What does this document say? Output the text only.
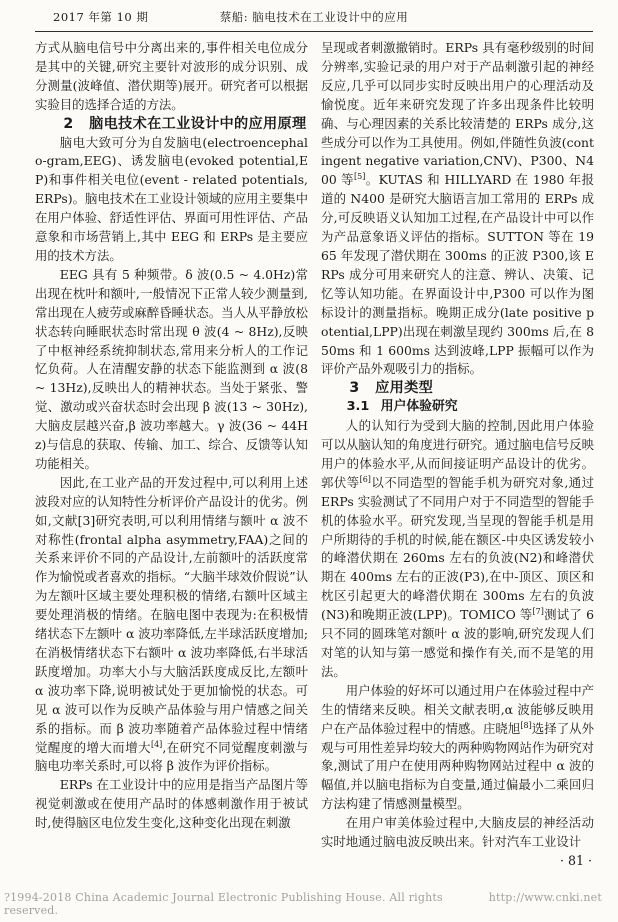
2017 年第 10 期	蔡船: 脑电技术在工业设计中的应用

方式从脑电信号中分离出来的,事件相关电位成分是其中的关键,研究主要针对波形的成分识别、成分测量(波峰值、潜伏期等)展开。研究者可以根据实验目的选择合适的方法。

2 脑电技术在工业设计中的应用原理

脑电大致可分为自发脑电(electroencephalo-gram,EEG)、诱发脑电(evoked potential,EP)和事件相关电位(event - related potentials,ERPs)。脑电技术在工业设计领域的应用主要集中在用户体验、舒适性评估、界面可用性评估、产品意象和市场营销上,其中 EEG 和 ERPs 是主要应用的技术方法。

EEG 具有 5 种频带。δ 波(0.5 ~ 4.0Hz)常出现在枕叶和额叶,一般情况下正常人较少测量到,常出现在人疲劳或麻醉昏睡状态。当人从平静放松状态转向睡眠状态时常出现 θ 波(4 ~ 8Hz),反映了中枢神经系统抑制状态,常用来分析人的工作记忆负荷。人在清醒安静的状态下能监测到 α 波(8 ~ 13Hz),反映出人的精神状态。当处于紧张、警觉、激动或兴奋状态时会出现 β 波(13 ~ 30Hz),大脑皮层越兴奋,β 波功率越大。γ 波(36 ~ 44Hz)与信息的获取、传输、加工、综合、反馈等认知功能相关。

因此,在工业产品的开发过程中,可以利用上述波段对应的认知特性分析评价产品设计的优劣。例如,文献[3]研究表明,可以利用情绪与额叶 α 波不对称性(frontal alpha asymmetry,FAA)之间的关系来评价不同的产品设计,左前额叶的活跃度常作为愉悦或者喜欢的指标。“大脑半球效价假说”认为左额叶区域主要处理积极的情绪,右额叶区域主要处理消极的情绪。在脑电图中表现为:在积极情绪状态下左额叶 α 波功率降低,左半球活跃度增加;在消极情绪状态下右额叶 α 波功率降低,右半球活跃度增加。功率大小与大脑活跃度成反比,左额叶 α 波功率下降,说明被试处于更加愉悦的状态。可见 α 波可以作为反映产品体验与用户情感之间关系的指标。而 β 波功率随着产品体验过程中情绪觉醒度的增大而增大[4],在研究不同觉醒度刺激与脑电功率关系时,可以将 β 波作为评价指标。

ERPs 在工业设计中的应用是指当产品图片等视觉刺激或在使用产品时的体感刺激作用于被试时,使得脑区电位发生变化,这种变化出现在刺激

呈现或者刺激撤销时。ERPs 具有毫秒级别的时间分辨率,实验记录的用户对于产品刺激引起的神经反应,几乎可以同步实时反映出用户的心理活动及愉悦度。近年来研究发现了许多出现条件比较明确、与心理因素的关系比较清楚的 ERPs 成分,这些成分可以作为工具使用。例如,伴随性负波(contingent negative variation,CNV)、P300、N400 等[5]。KUTAS 和 HILLYARD 在 1980 年报道的 N400 是研究大脑语言加工常用的 ERPs 成分,可反映语义认知加工过程,在产品设计中可以作为产品意象语义评估的指标。SUTTON 等在 1965 年发现了潜伏期在 300ms 的正波 P300,该 ERPs 成分可用来研究人的注意、辨认、决策、记忆等认知功能。在界面设计中,P300 可以作为图标设计的测量指标。晚期正成分(late positive potential,LPP)出现在刺激呈现约 300ms 后,在 850ms 和 1 600ms 达到波峰,LPP 振幅可以作为评价产品外观吸引力的指标。

3 应用类型

3.1 用户体验研究

人的认知行为受到大脑的控制,因此用户体验可以从脑认知的角度进行研究。通过脑电信号反映用户的体验水平,从而间接证明产品设计的优劣。郭伏等[6]以不同造型的智能手机为研究对象,通过 ERPs 实验测试了不同用户对于不同造型的智能手机的体验水平。研究发现,当呈现的智能手机是用户所期待的手机的时候,能在额区-中央区诱发较小的峰潜伏期在 260ms 左右的负波(N2)和峰潜伏期在 400ms 左右的正波(P3),在中-顶区、顶区和枕区引起更大的峰潜伏期在 300ms 左右的负波(N3)和晚期正波(LPP)。TOMICO 等[7]测试了 6 只不同的圆珠笔对额叶 α 波的影响,研究发现人们对笔的认知与第一感觉和操作有关,而不是笔的用法。

用户体验的好坏可以通过用户在体验过程中产生的情绪来反映。相关文献表明,α 波能够反映用户在产品体验过程中的情感。庄晓旭[8]选择了从外观与可用性差异均较大的两种购物网站作为研究对象,测试了用户在使用两种购物网站过程中 α 波的幅值,并以脑电指标为自变量,通过偏最小二乘回归方法构建了情感测量模型。

在用户审美体验过程中,大脑皮层的神经活动实时地通过脑电波反映出来。针对汽车工业设计

· 81 ·

?1994-2018 China Academic Journal Electronic Publishing House. All rights reserved.
http://www.cnki.net
